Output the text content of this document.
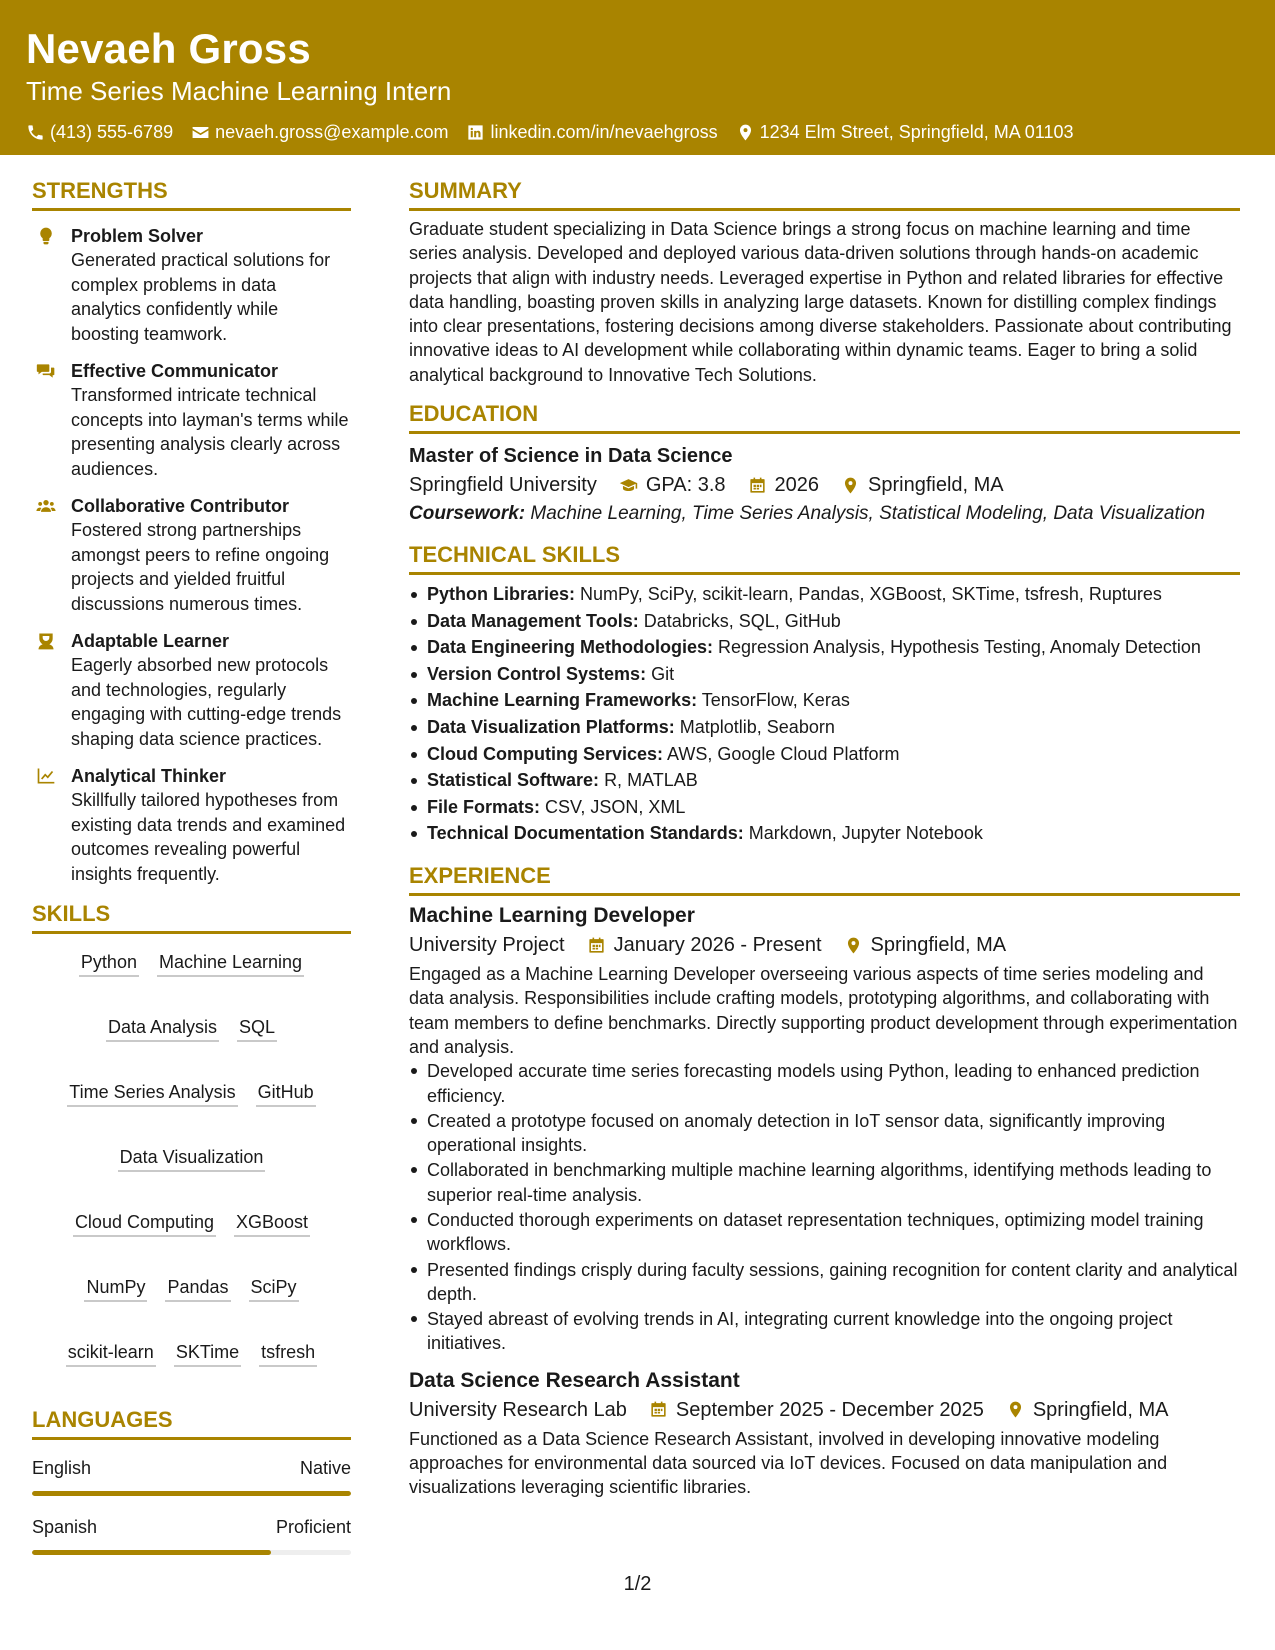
Nevaeh Gross
Time Series Machine Learning Intern
(413) 555-6789 nevaeh.gross@example.com linkedin.com/in/nevaehgross 1234 Elm Street, Springfield, MA 01103
STRENGTHS
Problem Solver
Generated practical solutions for complex problems in data analytics confidently while boosting teamwork.
Effective Communicator
Transformed intricate technical concepts into layman's terms while presenting analysis clearly across audiences.
Collaborative Contributor
Fostered strong partnerships amongst peers to refine ongoing projects and yielded fruitful discussions numerous times.
Adaptable Learner
Eagerly absorbed new protocols and technologies, regularly engaging with cutting-edge trends shaping data science practices.
Analytical Thinker
Skillfully tailored hypotheses from existing data trends and examined outcomes revealing powerful insights frequently.
SKILLS
Python Machine Learning
Data Analysis SQL
Time Series Analysis GitHub
Data Visualization
Cloud Computing XGBoost
NumPy Pandas SciPy
scikit-learn SKTime tsfresh
LANGUAGES
English	Native
Spanish	Proficient
SUMMARY
Graduate student specializing in Data Science brings a strong focus on machine learning and time series analysis. Developed and deployed various data-driven solutions through hands-on academic projects that align with industry needs. Leveraged expertise in Python and related libraries for effective data handling, boasting proven skills in analyzing large datasets. Known for distilling complex findings into clear presentations, fostering decisions among diverse stakeholders. Passionate about contributing innovative ideas to AI development while collaborating within dynamic teams. Eager to bring a solid analytical background to Innovative Tech Solutions.
EDUCATION
Master of Science in Data Science
Springfield University GPA: 3.8 2026 Springfield, MA
Coursework: Machine Learning, Time Series Analysis, Statistical Modeling, Data Visualization
TECHNICAL SKILLS
Python Libraries: NumPy, SciPy, scikit-learn, Pandas, XGBoost, SKTime, tsfresh, Ruptures
Data Management Tools: Databricks, SQL, GitHub
Data Engineering Methodologies: Regression Analysis, Hypothesis Testing, Anomaly Detection
Version Control Systems: Git
Machine Learning Frameworks: TensorFlow, Keras
Data Visualization Platforms: Matplotlib, Seaborn
Cloud Computing Services: AWS, Google Cloud Platform
Statistical Software: R, MATLAB
File Formats: CSV, JSON, XML
Technical Documentation Standards: Markdown, Jupyter Notebook
EXPERIENCE
Machine Learning Developer
University Project January 2026 - Present Springfield, MA
Engaged as a Machine Learning Developer overseeing various aspects of time series modeling and data analysis. Responsibilities include crafting models, prototyping algorithms, and collaborating with team members to define benchmarks. Directly supporting product development through experimentation and analysis.
Developed accurate time series forecasting models using Python, leading to enhanced prediction efficiency.
Created a prototype focused on anomaly detection in IoT sensor data, significantly improving operational insights.
Collaborated in benchmarking multiple machine learning algorithms, identifying methods leading to superior real-time analysis.
Conducted thorough experiments on dataset representation techniques, optimizing model training workflows.
Presented findings crisply during faculty sessions, gaining recognition for content clarity and analytical depth.
Stayed abreast of evolving trends in AI, integrating current knowledge into the ongoing project initiatives.
Data Science Research Assistant
University Research Lab September 2025 - December 2025 Springfield, MA
Functioned as a Data Science Research Assistant, involved in developing innovative modeling approaches for environmental data sourced via IoT devices. Focused on data manipulation and visualizations leveraging scientific libraries.
1/2
